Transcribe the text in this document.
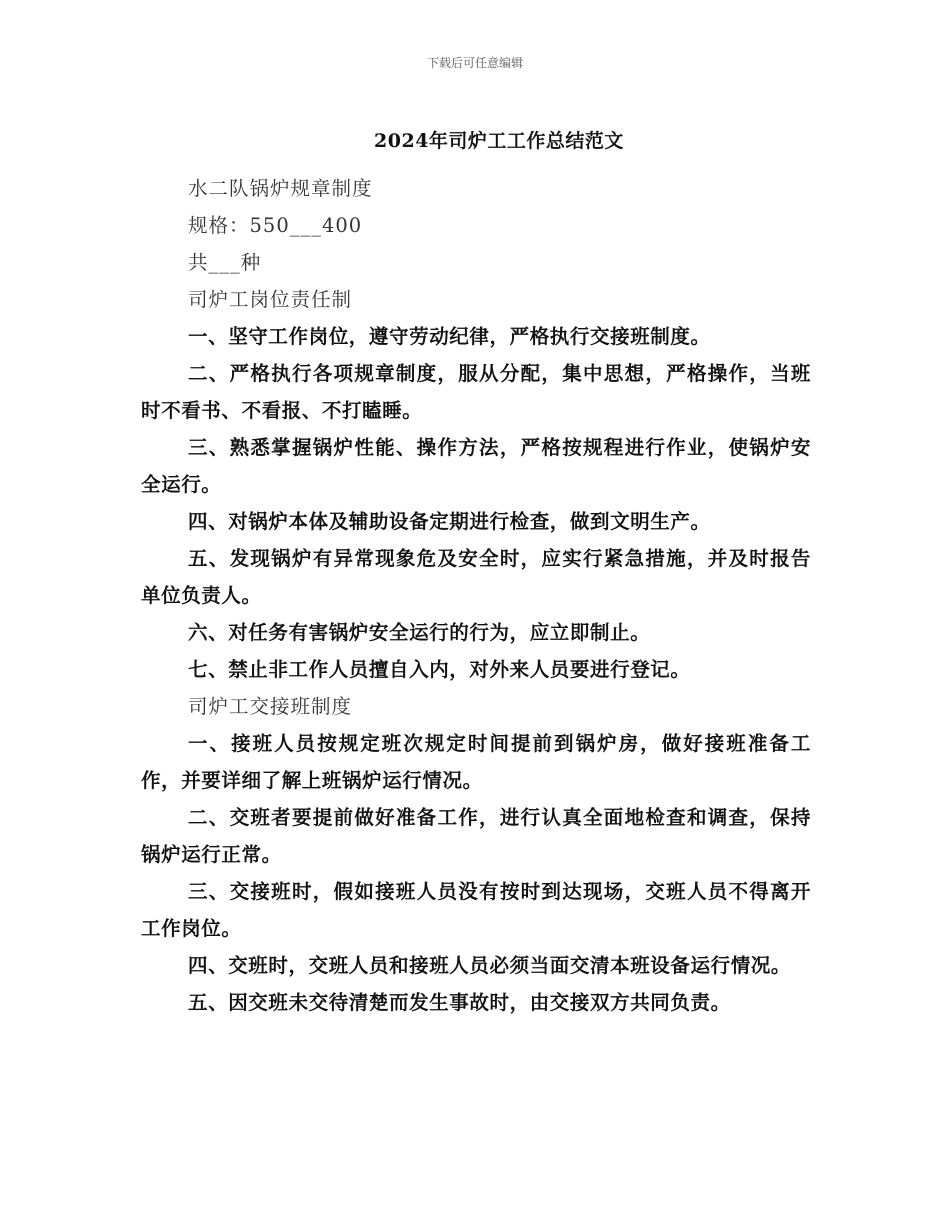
下载后可任意编辑
2024年司炉工工作总结范文

水二队锅炉规章制度

规格：550___400

共___种

司炉工岗位责任制

一、坚守工作岗位，遵守劳动纪律，严格执行交接班制度。

二、严格执行各项规章制度，服从分配，集中思想，严格操作，当班时不看书、不看报、不打瞌睡。

三、熟悉掌握锅炉性能、操作方法，严格按规程进行作业，使锅炉安全运行。

四、对锅炉本体及辅助设备定期进行检查，做到文明生产。

五、发现锅炉有异常现象危及安全时，应实行紧急措施，并及时报告单位负责人。

六、对任务有害锅炉安全运行的行为，应立即制止。

七、禁止非工作人员擅自入内，对外来人员要进行登记。

司炉工交接班制度

一、接班人员按规定班次规定时间提前到锅炉房，做好接班准备工作，并要详细了解上班锅炉运行情况。

二、交班者要提前做好准备工作，进行认真全面地检查和调查，保持锅炉运行正常。

三、交接班时，假如接班人员没有按时到达现场，交班人员不得离开工作岗位。

四、交班时，交班人员和接班人员必须当面交清本班设备运行情况。

五、因交班未交待清楚而发生事故时，由交接双方共同负责。
